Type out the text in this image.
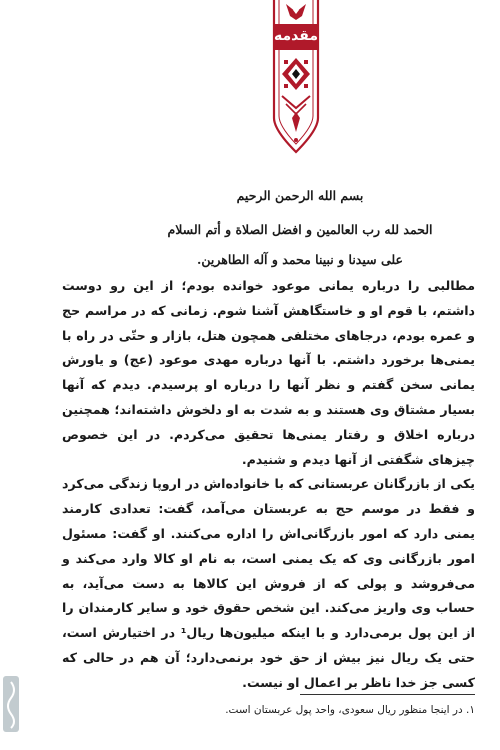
مقدمه
بسم الله الرحمن الرحیم
الحمد لله رب العالمين و افضل الصلاة و أتم السلام
علی سیدنا و نبینا محمد و آله الطاهرین.

مطالبی را درباره یمانی موعود خوانده بودم؛ از این رو دوست داشتم، با قوم او و خاستگاهش آشنا شوم. زمانی که در مراسم حج و عمره بودم، درجاهای مختلفی همچون هتل، بازار و حتّی در راه با یمنی‌ها برخورد داشتم. با آنها درباره مهدی موعود (عج) و یاورش یمانی سخن گفتم و نظر آنها را درباره او پرسیدم. دیدم که آنها بسیار مشتاق وی هستند و به شدت به او دلخوش داشته‌اند؛ همچنین درباره اخلاق و رفتار یمنی‌ها تحقیق می‌کردم. در این خصوص چیزهای شگفتی از آنها دیدم و شنیدم.

یکی از بازرگانان عربستانی که با خانواده‌اش در اروپا زندگی می‌کرد و فقط در موسم حج به عربستان می‌آمد، گفت: تعدادی کارمند یمنی دارد که امور بازرگانی‌اش را اداره می‌کنند. او گفت: مسئول امور بازرگانی وی که یک یمنی است، به نام او کالا وارد می‌کند و می‌فروشد و پولی که از فروش این کالاها به دست می‌آید، به حساب وی واریز می‌کند. این شخص حقوق خود و سایر کارمندان را از این پول برمی‌دارد و با اینکه میلیون‌ها ریال¹ در اختیارش است، حتی یک ریال نیز بیش از حق خود برنمی‌دارد؛ آن هم در حالی که کسی جز خدا ناظر بر اعمال او نیست.

۱. در اینجا منظور ریال سعودی، واحد پول عربستان است.
